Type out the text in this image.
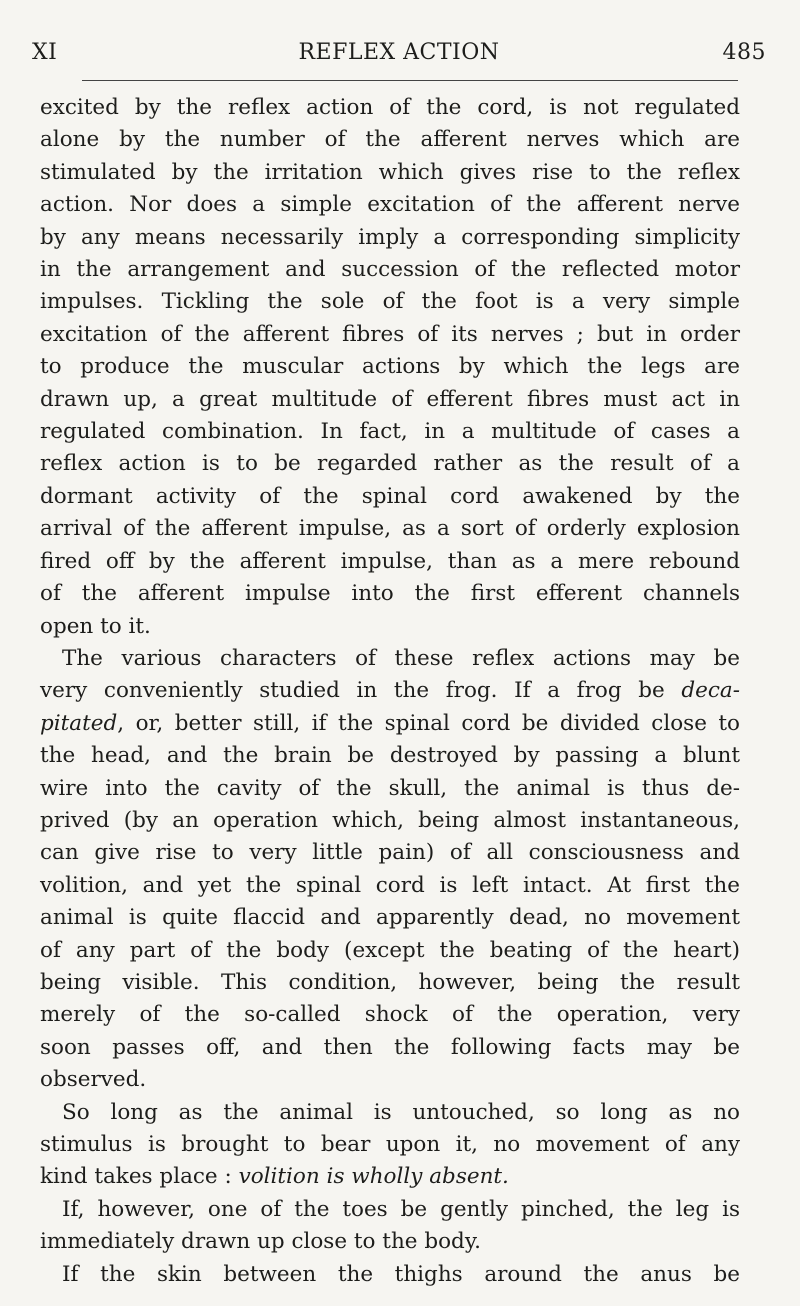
XI	REFLEX ACTION	485

excited by the reflex action of the cord, is not regulated

alone by the number of the afferent nerves which are

stimulated by the irritation which gives rise to the reflex

action. Nor does a simple excitation of the afferent nerve

by any means necessarily imply a corresponding simplicity

in the arrangement and succession of the reflected motor

impulses. Tickling the sole of the foot is a very simple

excitation of the afferent fibres of its nerves ; but in order

to produce the muscular actions by which the legs are

drawn up, a great multitude of efferent fibres must act in

regulated combination. In fact, in a multitude of cases a

reflex action is to be regarded rather as the result of a

dormant activity of the spinal cord awakened by the

arrival of the afferent impulse, as a sort of orderly explosion

fired off by the afferent impulse, than as a mere rebound

of the afferent impulse into the first efferent channels

open to it.

The various characters of these reflex actions may be

very conveniently studied in the frog. If a frog be deca-

pitated, or, better still, if the spinal cord be divided close to

the head, and the brain be destroyed by passing a blunt

wire into the cavity of the skull, the animal is thus de-

prived (by an operation which, being almost instantaneous,

can give rise to very little pain) of all consciousness and

volition, and yet the spinal cord is left intact. At first the

animal is quite flaccid and apparently dead, no movement

of any part of the body (except the beating of the heart)

being visible. This condition, however, being the result

merely of the so-called shock of the operation, very

soon passes off, and then the following facts may be

observed.

So long as the animal is untouched, so long as no

stimulus is brought to bear upon it, no movement of any

kind takes place : volition is wholly absent.

If, however, one of the toes be gently pinched, the leg is

immediately drawn up close to the body.

If the skin between the thighs around the anus be
